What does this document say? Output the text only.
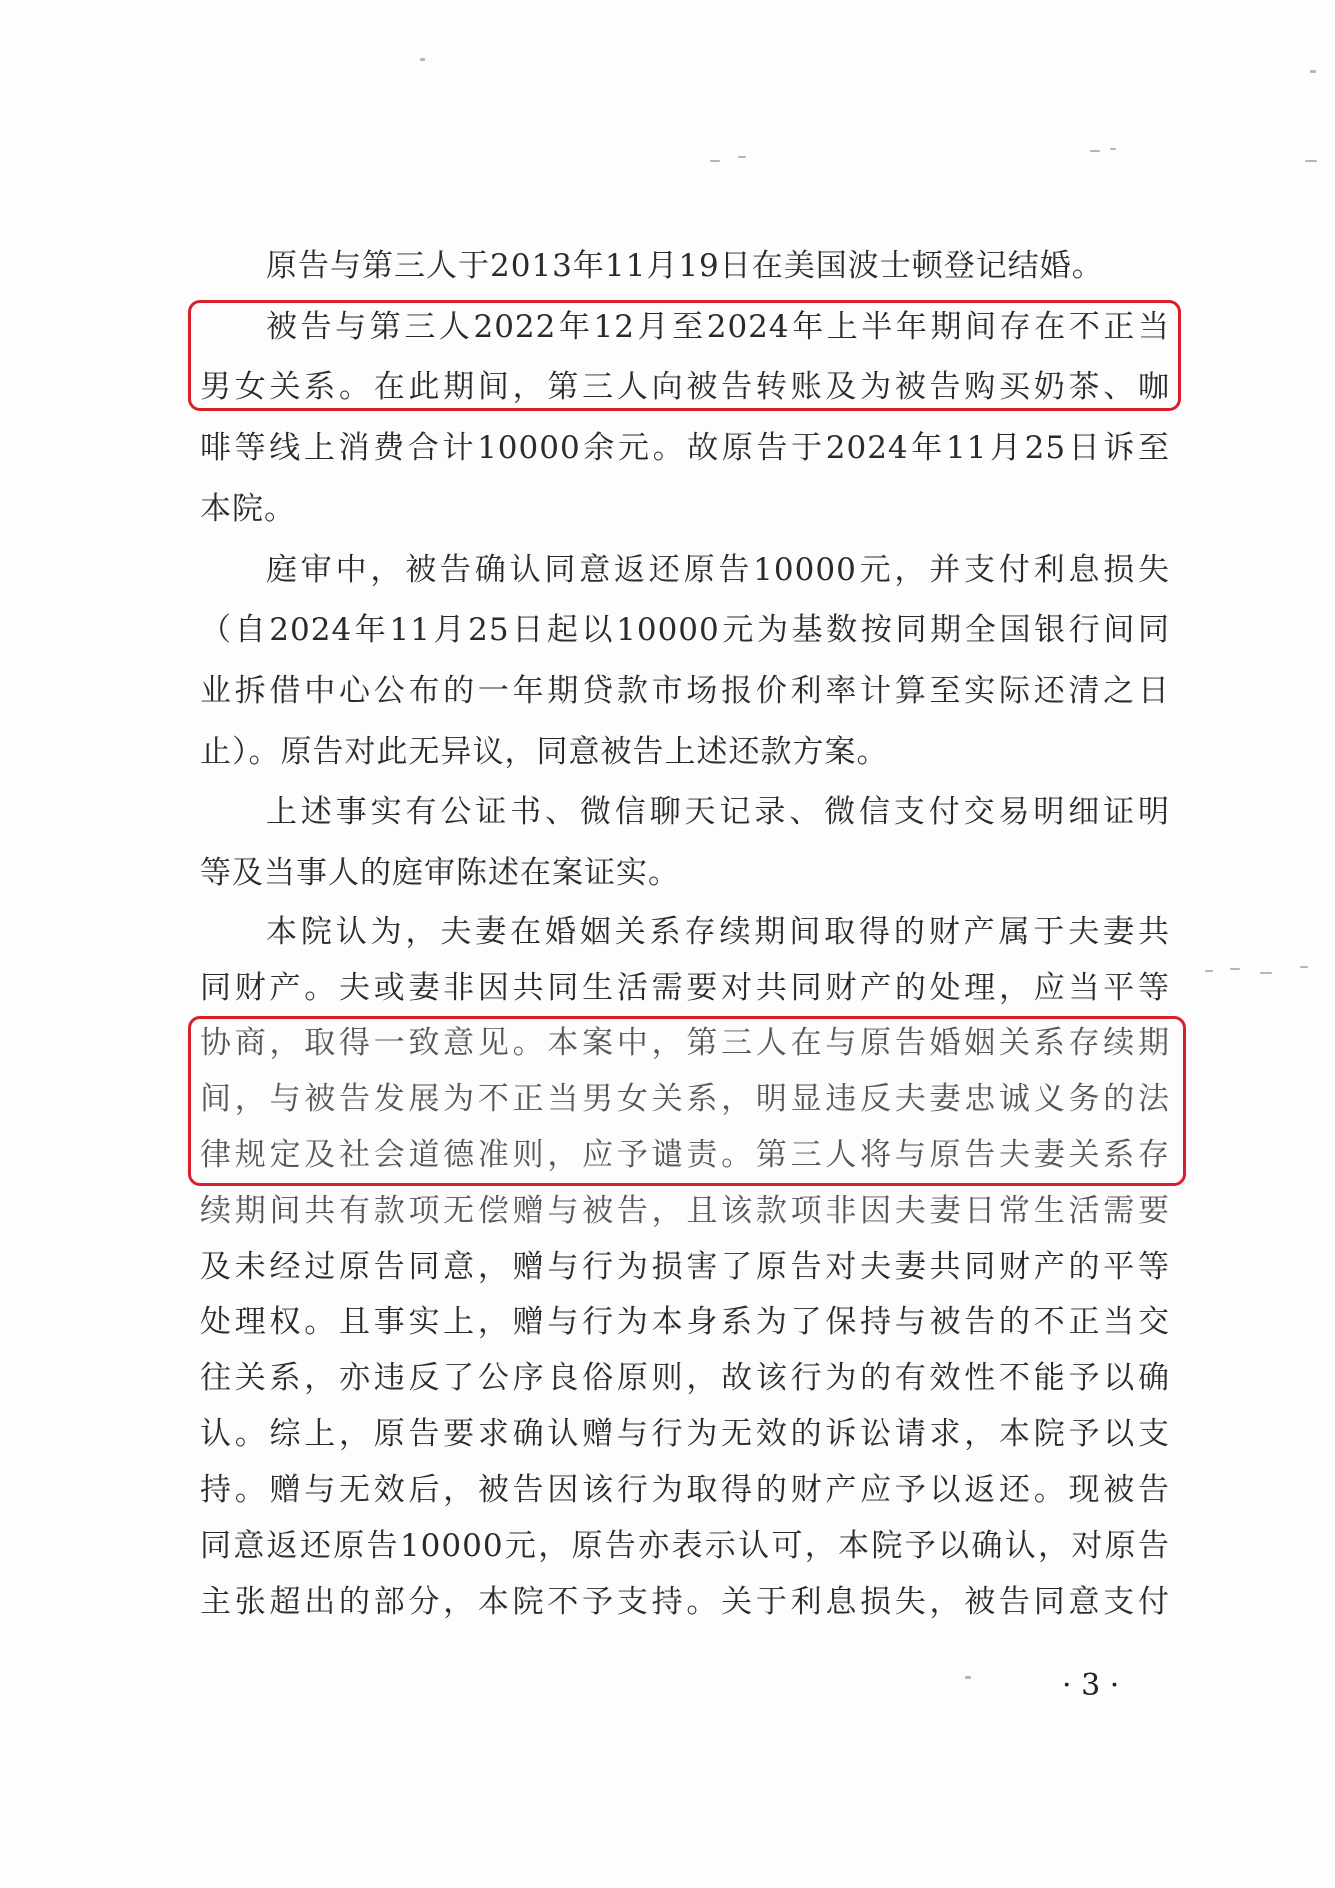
原告与第三人于2013年11月19日在美国波士顿登记结婚。
被告与第三人2022年12月至2024年上半年期间存在不正当
男女关系。在此期间，第三人向被告转账及为被告购买奶茶、咖
啡等线上消费合计10000余元。故原告于2024年11月25日诉至
本院。
庭审中，被告确认同意返还原告10000元，并支付利息损失
（自2024年11月25日起以10000元为基数按同期全国银行间同
业拆借中心公布的一年期贷款市场报价利率计算至实际还清之日
止）。原告对此无异议，同意被告上述还款方案。
上述事实有公证书、微信聊天记录、微信支付交易明细证明
等及当事人的庭审陈述在案证实。
本院认为，夫妻在婚姻关系存续期间取得的财产属于夫妻共
同财产。夫或妻非因共同生活需要对共同财产的处理，应当平等
协商，取得一致意见。本案中，第三人在与原告婚姻关系存续期
间，与被告发展为不正当男女关系，明显违反夫妻忠诚义务的法
律规定及社会道德准则，应予谴责。第三人将与原告夫妻关系存
续期间共有款项无偿赠与被告，且该款项非因夫妻日常生活需要
及未经过原告同意，赠与行为损害了原告对夫妻共同财产的平等
处理权。且事实上，赠与行为本身系为了保持与被告的不正当交
往关系，亦违反了公序良俗原则，故该行为的有效性不能予以确
认。综上，原告要求确认赠与行为无效的诉讼请求，本院予以支
持。赠与无效后，被告因该行为取得的财产应予以返还。现被告
同意返还原告10000元，原告亦表示认可，本院予以确认，对原告
主张超出的部分，本院不予支持。关于利息损失，被告同意支付
· 3 ·
